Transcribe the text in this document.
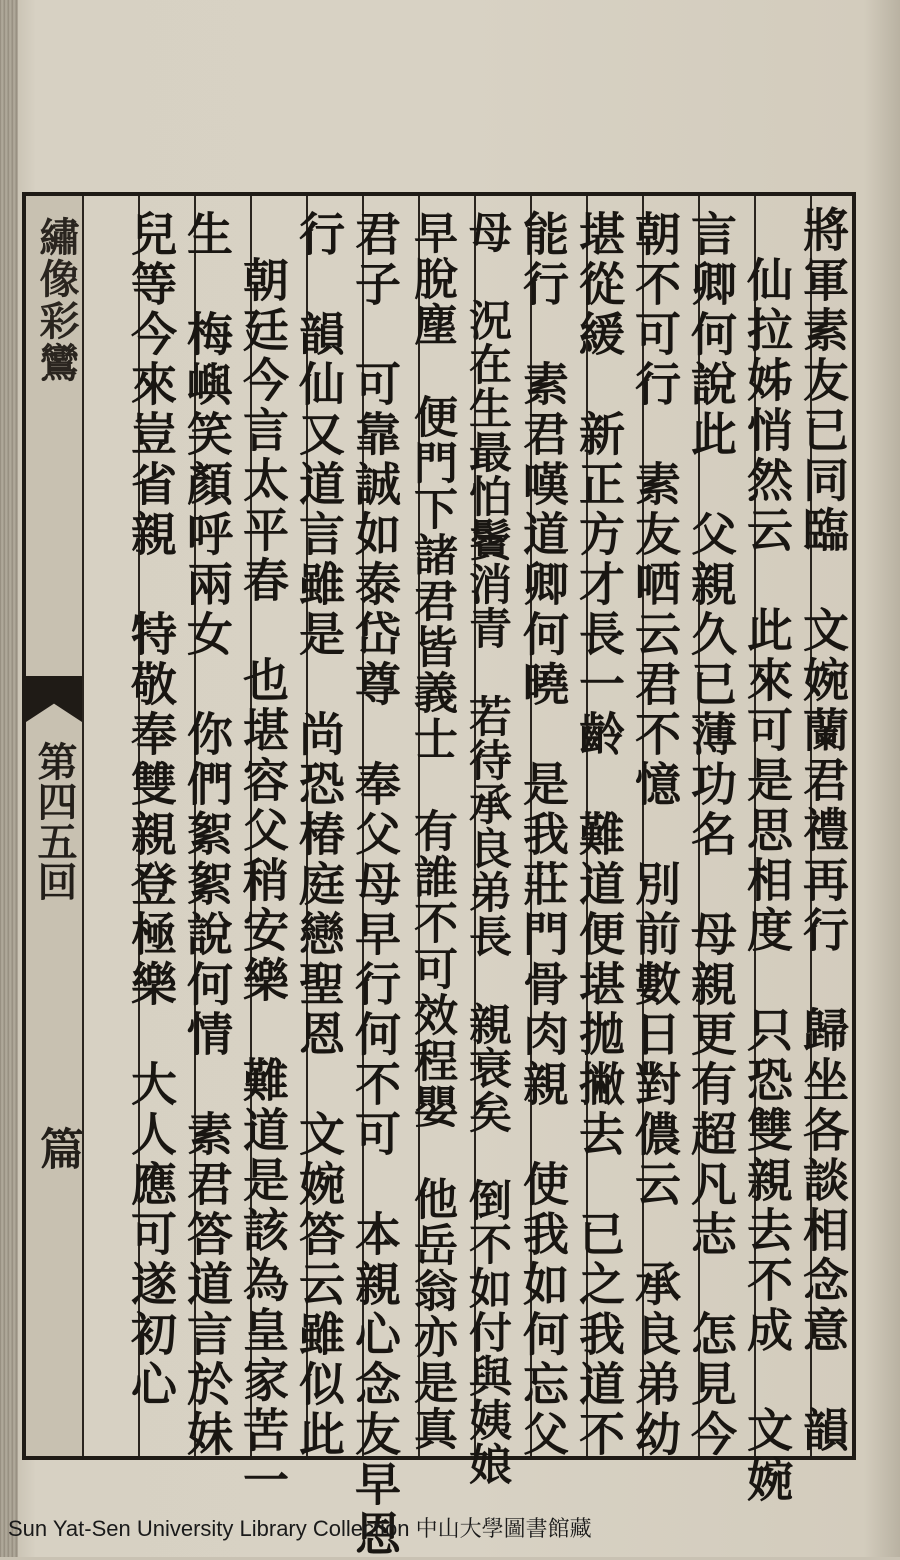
繡像彩鸞
第四五回
篇	將軍素友已同臨　文婉蘭君禮再行　歸坐各談相念意　韻
仙拉姊悄然云　此來可是思相度　只恐雙親去不成　文婉
言卿何說此　父親久已薄功名　母親更有超凡志　怎見今
朝不可行　素友哂云君不憶　別前數日對儂云　承良弟幼
堪從緩　新正方才長一齡　難道便堪拋撇去　已之我道不
能行　素君嘆道卿何曉　是我莊門骨肉親　使我如何忘父
母　況在生最怕鬢消青　若待承良弟長　親衰矣　倒不如付與姨娘
早脫塵　便門下諸君皆義士　有誰不可效程嬰　他岳翁亦是真
君子　可靠誠如泰岱尊　奉父母早行何不可　本親心念友早恩
行　韻仙又道言雖是　尚恐椿庭戀聖恩　文婉答云雖似此
朝廷今言太平春　也堪容父稍安樂　難道是該為皇家苦一
生　梅嶼笑顏呼兩女　你們絮絮說何情　素君答道言於妹
兒等今來豈省親　特敬奉雙親登極樂　大人應可遂初心
Sun Yat-Sen University Library Collection 中山大學圖書館藏
